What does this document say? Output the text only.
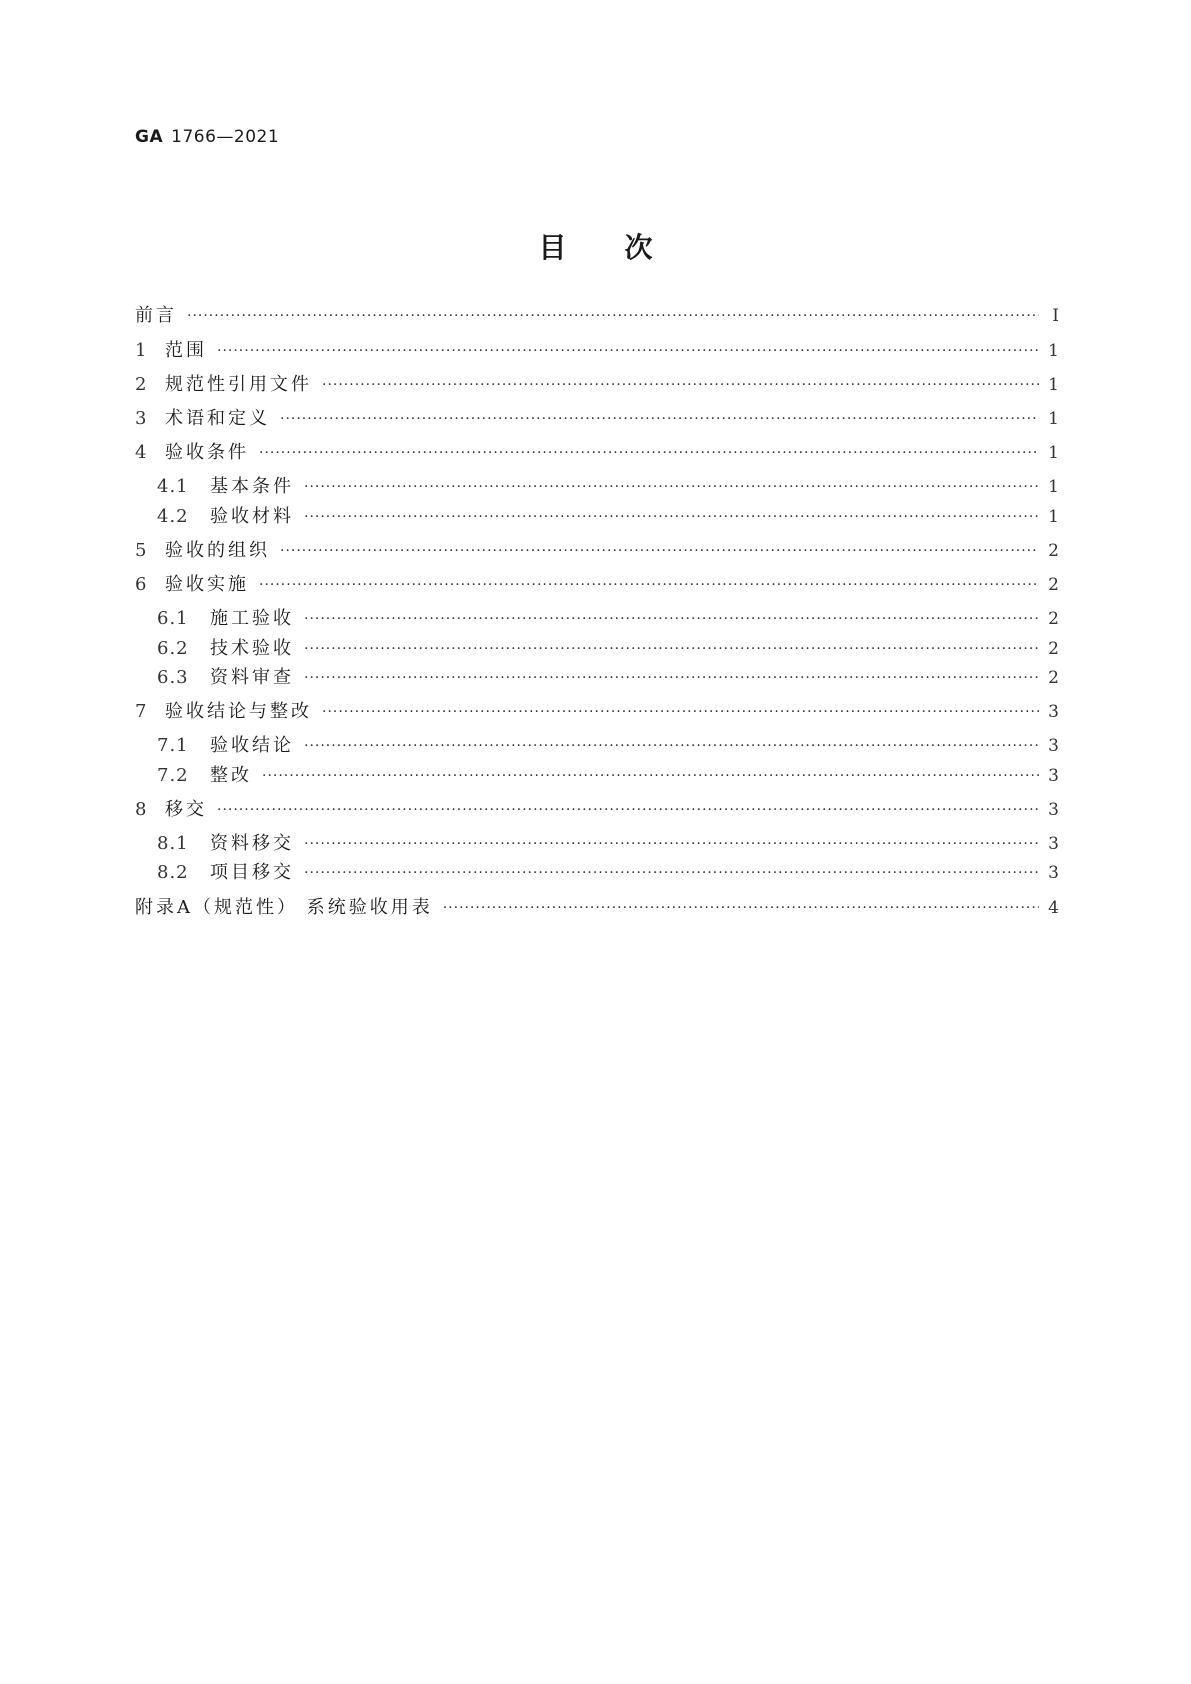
GA 1766—2021
目次
前言 ·····	Ⅰ
1 范围 ·····	1
2 规范性引用文件 ·····	1
3 术语和定义 ·····	1
4 验收条件 ·····	1
4.1	基本条件 ·····	1
4.2	验收材料 ·····	1
5 验收的组织 ·····	2
6 验收实施 ·····	2
6.1	施工验收 ·····	2
6.2	技术验收 ·····	2
6.3	资料审查 ·····	2
7 验收结论与整改 ·····	3
7.1	验收结论 ·····	3
7.2	整改 ·····	3
8 移交 ·····	3
8.1	资料移交 ·····	3
8.2	项目移交 ·····	3
附录A（规范性） 系统验收用表 ·····	4
